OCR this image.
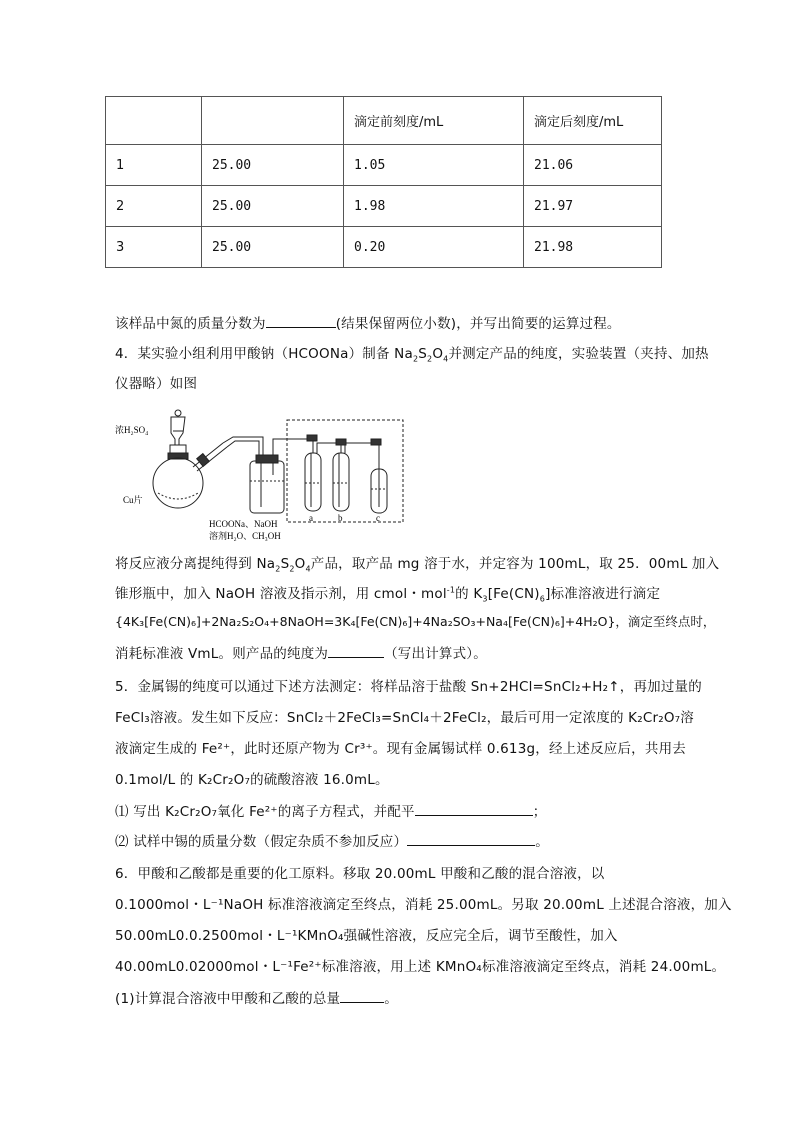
		滴定前刻度/mL	滴定后刻度/mL
1	25.00	1.05	21.06
2	25.00	1.98	21.97
3	25.00	0.20	21.98
该样品中氮的质量分数为	(结果保留两位小数)，并写出简要的运算过程。
4．某实验小组利用甲酸钠（HCOONa）制备 $Na_2S_2O_4$并测定产品的纯度，实验装置（夹持、加热
仪器略）如图
浓H₂SO₄
Cu片
HCOONa、NaOH
溶剂H₂O、CH₃OH
a	b	c
将反应液分离提纯得到 $Na_2S_2O_4$产品，取产品 mg 溶于水，并定容为 100mL，取 25．00mL 加入
锥形瓶中，加入 NaOH 溶液及指示剂，用 cmol・mol$^{-1}$的 $K_3[Fe(CN)_6]$标准溶液进行滴定
{4K₃[Fe(CN)₆]+2Na₂S₂O₄+8NaOH=3K₄[Fe(CN)₆]+4Na₂SO₃+Na₄[Fe(CN)₆]+4H₂O}，滴定至终点时，
消耗标准液 VmL。则产品的纯度为	（写出计算式）。
5．金属锡的纯度可以通过下述方法测定：将样品溶于盐酸 Sn+2HCl=SnCl₂+H₂↑，再加过量的
FeCl₃溶液。发生如下反应：SnCl₂＋2FeCl₃=SnCl₄＋2FeCl₂，最后可用一定浓度的 K₂Cr₂O₇溶
液滴定生成的 Fe²⁺，此时还原产物为 Cr³⁺。现有金属锡试样 0.613g，经上述反应后，共用去
0.1mol/L 的 K₂Cr₂O₇的硫酸溶液 16.0mL。
⑴ 写出 K₂Cr₂O₇氧化 Fe²⁺的离子方程式，并配平	；
⑵ 试样中锡的质量分数（假定杂质不参加反应）	。
6．甲酸和乙酸都是重要的化工原料。移取 20.00mL 甲酸和乙酸的混合溶液，以
0.1000mol・L⁻¹NaOH 标准溶液滴定至终点，消耗 25.00mL。另取 20.00mL 上述混合溶液，加入
50.00mL0.0.2500mol・L⁻¹KMnO₄强碱性溶液，反应完全后，调节至酸性，加入
40.00mL0.02000mol・L⁻¹Fe²⁺标准溶液，用上述 KMnO₄标准溶液滴定至终点，消耗 24.00mL。
(1)计算混合溶液中甲酸和乙酸的总量	。
